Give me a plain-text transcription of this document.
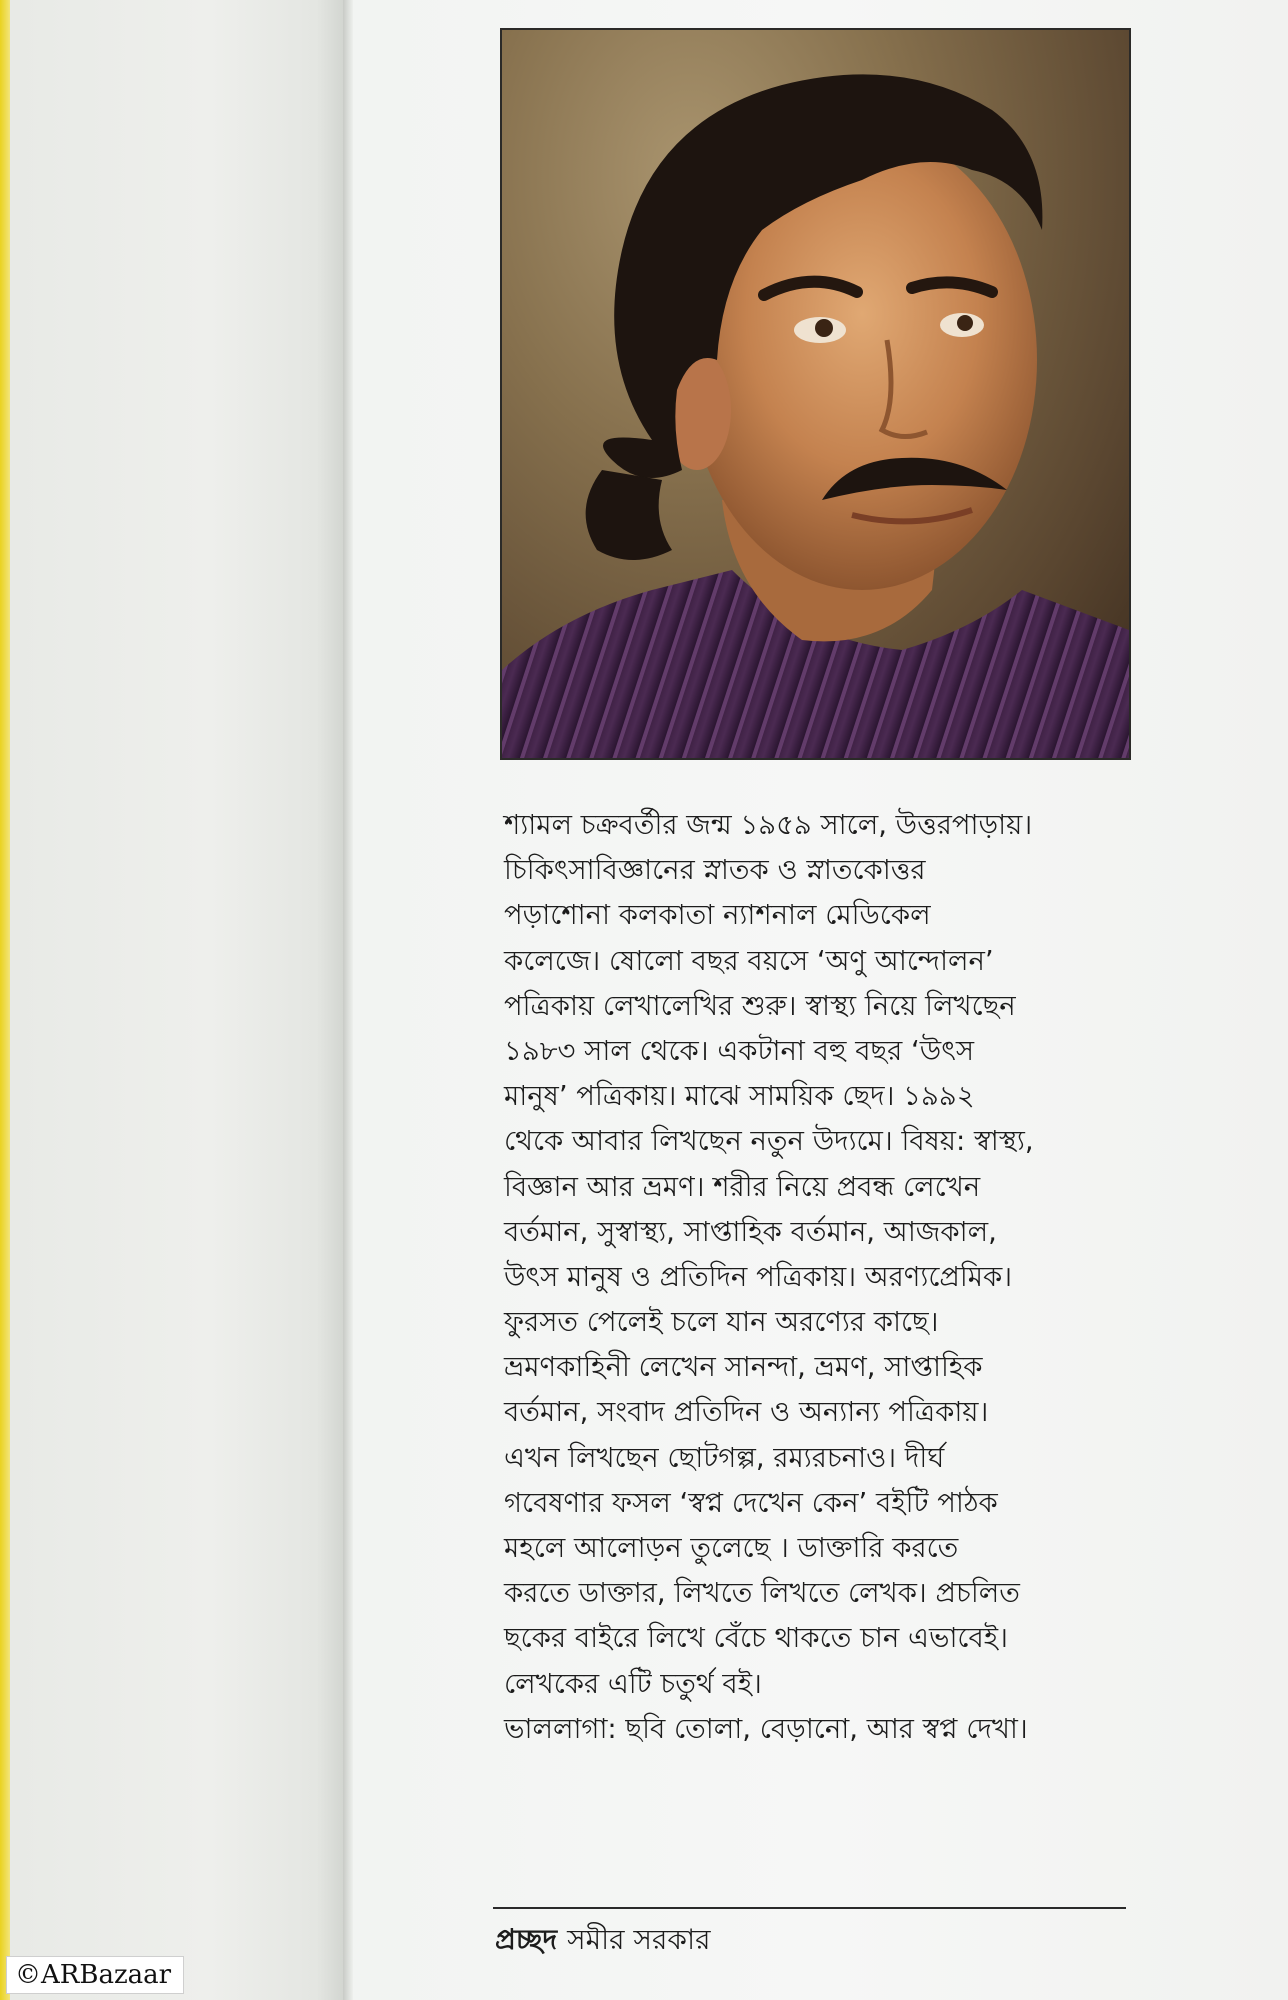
শ্যামল চক্রবর্তীর জন্ম ১৯৫৯ সালে, উত্তরপাড়ায়।
চিকিৎসাবিজ্ঞানের স্নাতক ও স্নাতকোত্তর
পড়াশোনা কলকাতা ন্যাশনাল মেডিকেল
কলেজে। ষোলো বছর বয়সে ‘অণু আন্দোলন’
পত্রিকায় লেখালেখির শুরু। স্বাস্থ্য নিয়ে লিখছেন
১৯৮৩ সাল থেকে। একটানা বহু বছর ‘উৎস
মানুষ’ পত্রিকায়। মাঝে সাময়িক ছেদ। ১৯৯২
থেকে আবার লিখছেন নতুন উদ্যমে। বিষয়: স্বাস্থ্য,
বিজ্ঞান আর ভ্রমণ। শরীর নিয়ে প্রবন্ধ লেখেন
বর্তমান, সুস্বাস্থ্য, সাপ্তাহিক বর্তমান, আজকাল,
উৎস মানুষ ও প্রতিদিন পত্রিকায়। অরণ্যপ্রেমিক।
ফুরসত পেলেই চলে যান অরণ্যের কাছে।
ভ্রমণকাহিনী লেখেন সানন্দা, ভ্রমণ, সাপ্তাহিক
বর্তমান, সংবাদ প্রতিদিন ও অন্যান্য পত্রিকায়।
এখন লিখছেন ছোটগল্প, রম্যরচনাও। দীর্ঘ
গবেষণার ফসল ‘স্বপ্ন দেখেন কেন’ বইটি পাঠক
মহলে আলোড়ন তুলেছে । ডাক্তারি করতে
করতে ডাক্তার, লিখতে লিখতে লেখক। প্রচলিত
ছকের বাইরে লিখে বেঁচে থাকতে চান এভাবেই।
লেখকের এটি চতুর্থ বই।
ভাললাগা: ছবি তোলা, বেড়ানো, আর স্বপ্ন দেখা।

প্রচ্ছদ সমীর সরকার
©ARBazaar
